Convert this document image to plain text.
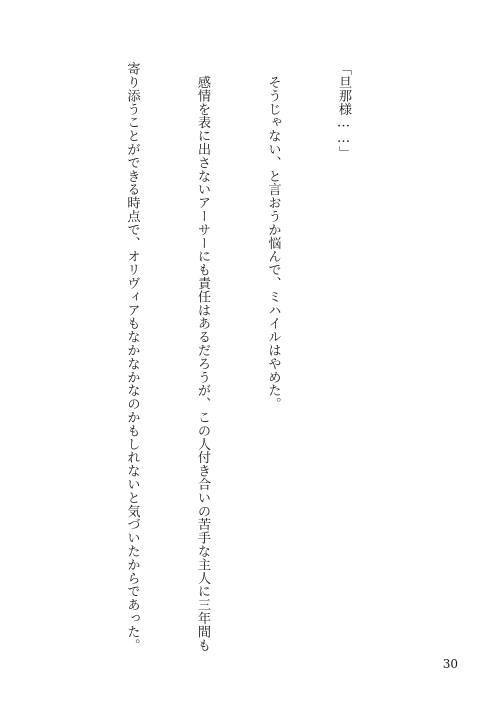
「旦那様……」

　そうじゃない、と言おうか悩んで、ミハイルはやめた。

　感情を表に出さないアーサーにも責任はあるだろうが、この人付き合いの苦手な主人に三年間も

寄り添うことができる時点で、オリヴィアもなかなかなのかもしれないと気づいたからであった。

30
